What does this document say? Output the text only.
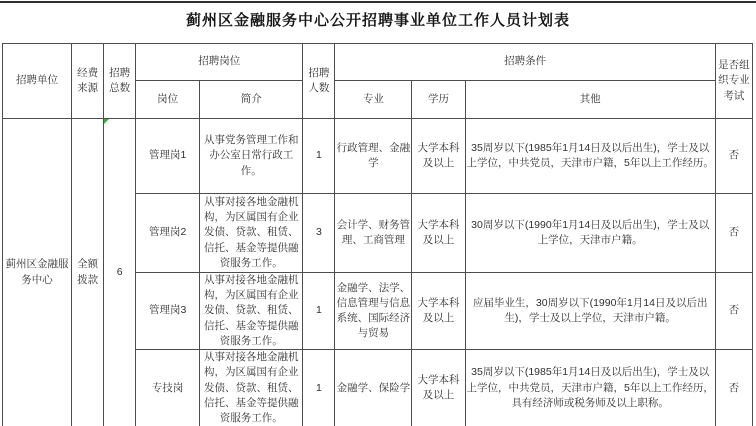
蓟州区金融服务中心公开招聘事业单位工作人员计划表
招聘单位	经费来源	招聘总数	招聘岗位		招聘人数	招聘条件			是否组织专业考试
			岗位	简介		专业	学历	其他	
蓟州区金融服务中心	全额拨款	6	管理岗1	从事党务管理工作和办公室日常行政工作。	1	行政管理、金融学	大学本科及以上	35周岁以下(1985年1月14日及以后出生)，学士及以上学位，中共党员，天津市户籍，5年以上工作经历。	否
			管理岗2	从事对接各地金融机构，为区属国有企业发债、贷款、租赁、信托、基金等提供融资服务工作。	3	会计学、财务管理、工商管理	大学本科及以上	30周岁以下(1990年1月14日及以后出生)，学士及以上学位，天津市户籍。	否
			管理岗3	从事对接各地金融机构，为区属国有企业发债、贷款、租赁、信托、基金等提供融资服务工作。	1	金融学、法学、信息管理与信息系统、国际经济与贸易	大学本科及以上	应届毕业生，30周岁以下(1990年1月14日及以后出生)，学士及以上学位，天津市户籍。	否
			专技岗	从事对接各地金融机构，为区属国有企业发债、贷款、租赁、信托、基金等提供融资服务工作。	1	金融学、保险学	大学本科及以上	35周岁以下(1985年1月14日及以后出生)，学士及以上学位，中共党员，天津市户籍，5年以上工作经历，具有经济师或税务师及以上职称。	否
